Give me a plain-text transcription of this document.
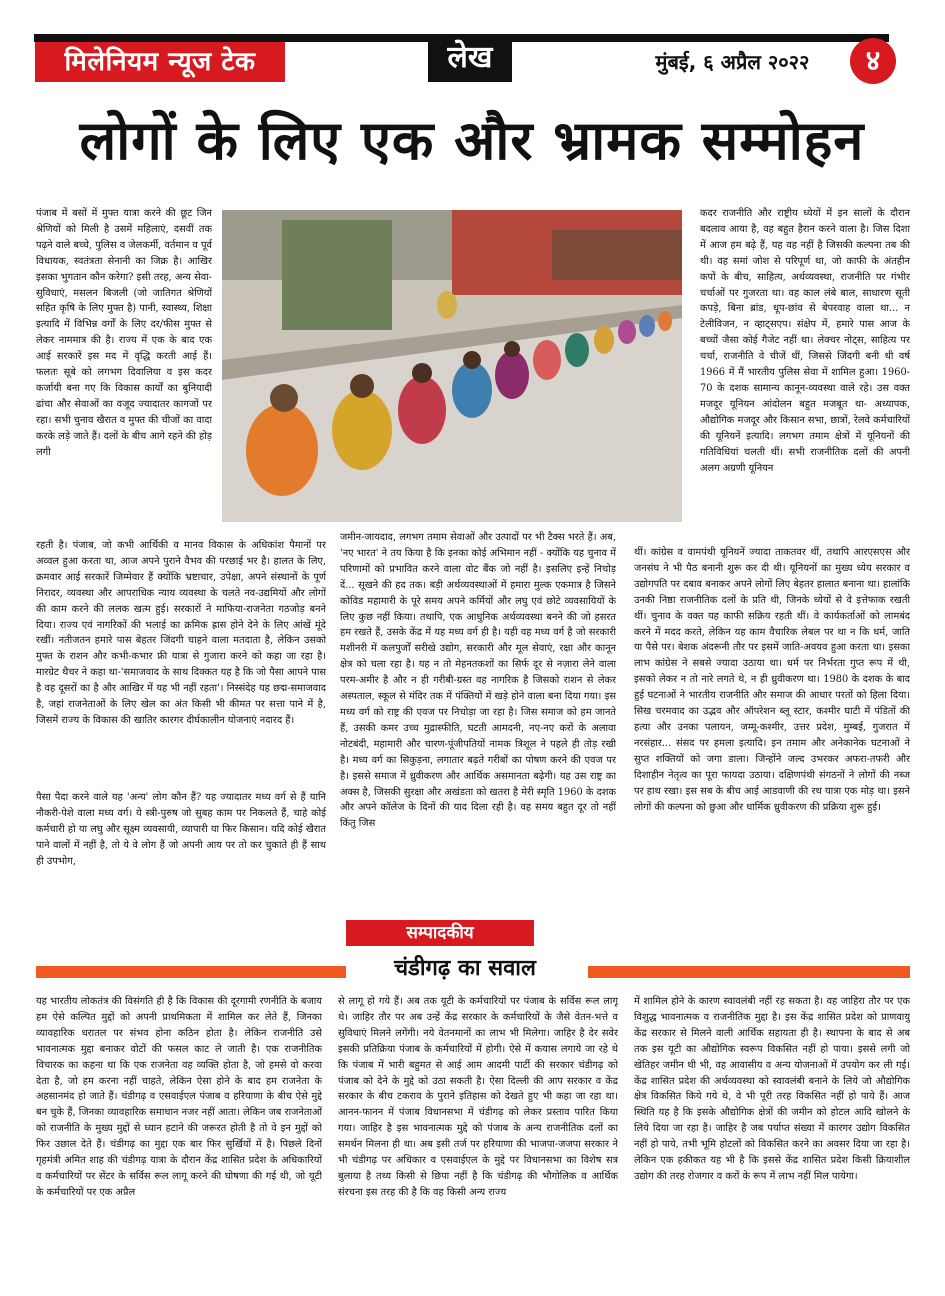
मिलेनियम न्यूज टेक	लेख	मुंबई, ६ अप्रैल २०२२	४
लोगों के लिए एक और भ्रामक सम्मोहन

पंजाब में बसों में मुफ्त यात्रा करने की छूट जिन श्रेणियों को मिली है उसमें महिलाएं, दसवीं तक पढ़ने वाले बच्चे, पुलिस व जेलकर्मी, वर्तमान व पूर्व विधायक, स्वतंत्रता सेनानी का जिक्र है। आखिर इसका भुगतान कौन करेगा? इसी तरह, अन्य सेवा-सुविधाएं, मसलन बिजली (जो जातिगत श्रेणियों सहित कृषि के लिए मुफ्त है) पानी, स्वास्थ्य, शिक्षा इत्यादि में विभिन्न वर्गों के लिए दर/फीस मुफ्त से लेकर नाममात्र की है। राज्य में एक के बाद एक आई सरकारें इस मद में वृद्धि करती आई हैं। फलतः सूबे को लगभग दिवालिया व इस कदर कर्जायी बना गए कि विकास कार्यों का बुनियादी ढांचा और सेवाओं का वजूद ज्यादातर कागजों पर रहा। सभी चुनाव खैरात व मुफ्त की चीजों का वादा करके लड़े जाते हैं। दलों के बीच आगे रहने की होड़ लगी

रहती है। पंजाब, जो कभी आर्थिकी व मानव विकास के अधिकांश पैमानों पर अव्वल हुआ करता था, आज अपने पुराने वैभव की परछाई भर है। हालत के लिए, क्रमवार आई सरकारें जिम्मेवार हैं क्योंकि भ्रष्टाचार, उपेक्षा, अपने संस्थानों के पूर्ण निरादर, व्यवस्था और आपराधिक न्याय व्यवस्था के चलते नव-उद्यमियों और लोगों की काम करने की ललक खत्म हुई। सरकारों ने माफिया-राजनेता गठजोड़ बनने दिया। राज्य एवं नागरिकों की भलाई का क्रमिक ह्रास होने देने के लिए आंखें मूंदे रखीं। नतीजतन हमारे पास बेहतर जिंदगी चाहने वाला मतदाता है, लेकिन उसको मुफ्त के राशन और कभी-कभार फ्री यात्रा से गुजारा करने को कहा जा रहा है। मारग्रेट थैचर ने कहा था-'समाजवाद के साथ दिक्कत यह है कि जो पैसा आपने पास है वह दूसरों का है और आखिर में यह भी नहीं रहता'। निस्संदेह यह छद्म-समाजवाद है, जहां राजनेताओं के लिए खेल का अंत किसी भी कीमत पर सत्ता पाने में है, जिसमें राज्य के विकास की खातिर कारगर दीर्घकालीन योजनाएं नदारद हैं।

पैसा पैदा करने वाले यह 'अन्य' लोग कौन हैं? यह ज्यादातर मध्य वर्ग से हैं यानि नौकरी-पेशे वाला मध्य वर्ग। ये स्त्री-पुरुष जो सुबह काम पर निकलते हैं, चाहे कोई कर्मचारी हो या लघु और सूक्ष्म व्यवसायी, व्यापारी या फिर किसान। यदि कोई खैरात पाने वालों में नहीं है, तो ये वे लोग हैं जो अपनी आय पर तो कर चुकाते ही हैं साथ ही उपभोग,

जमीन-जायदाद, लगभग तमाम सेवाओं और उत्पादों पर भी टैक्स भरते हैं। अब, 'नए भारत' ने तय किया है कि इनका कोई अभिमान नहीं - क्योंकि यह चुनाव में परिणामों को प्रभावित करने वाला वोट बैंक जो नहीं है। इसलिए इन्हें निचोड़ दें... सूखने की हद तक। बड़ी अर्थव्यवस्थाओं में हमारा मुल्क एकमात्र है जिसने कोविड महामारी के पूरे समय अपने कर्मियों और लघु एवं छोटे व्यवसायियों के लिए कुछ नहीं किया। तथापि, एक आधुनिक अर्थव्यवस्था बनने की जो हसरत हम रखते हैं, उसके केंद्र में यह मध्य वर्ग ही है। यही वह मध्य वर्ग है जो सरकारी मशीनरी में कलपुर्जों सरीखे उद्योग, सरकारी और मूल सेवाएं, रक्षा और कानून क्षेत्र को चला रहा है। यह न तो मेहनतकशों का सिर्फ दूर से नज़ारा लेने वाला परम-अमीर है और न ही गरीबी-ग्रस्त वह नागरिक है जिसको राशन से लेकर अस्पताल, स्कूल से मंदिर तक में पंक्तियों में खड़े होने वाला बना दिया गया। इस मध्य वर्ग को राष्ट्र की एवज पर निचोड़ा जा रहा है। जिस समाज को हम जानते हैं, उसकी कमर उच्च मुद्रास्फीति, घटती आमदनी, नए-नए करों के अलावा नोटबंदी, महामारी और चारण-पूंजीपतियों नामक त्रिशूल ने पहले ही तोड़ रखी है। मध्य वर्ग का सिकुड़ना, लगातार बढ़ते गरीबों का पोषण करने की एवज पर है। इससे समाज में ध्रुवीकरण और आर्थिक असमानता बढ़ेगी। यह उस राष्ट्र का अक्स है, जिसकी सुरक्षा और अखंडता को खतरा है मेरी स्मृति 1960 के दशक और अपने कॉलेज के दिनों की याद दिला रही है। वह समय बहुत दूर तो नहीं किंतु जिस

कदर राजनीति और राष्ट्रीय ध्येयों में इन सालों के दौरान बदलाव आया है, वह बहुत हैरान करने वाला है। जिस दिशा में आज हम बढ़े हैं, यह वह नहीं है जिसकी कल्पना तब की थी। वह समां जोश से परिपूर्ण था, जो काफी के अंतहीन कपों के बीच, साहित्य, अर्थव्यवस्था, राजनीति पर गंभीर चर्चाओं पर गुजरता था। वह काल लंबे बाल, साधारण सूती कपड़े, बिना ब्रांड, धूप-छांव से बेपरवाह वाला था... न टेलीविजन, न व्हाट्सएप। संक्षेप में, हमारे पास आज के बच्चों जैसा कोई गैजेट नहीं था। लेक्चर नोट्स, साहित्य पर चर्चा, राजनीति वे चीजें थीं, जिससे जिंदगी बनी थी वर्ष 1966 में मैं भारतीय पुलिस सेवा में शामिल हुआ। 1960-70 के दशक सामान्य कानून-व्यवस्था वाले रहे। उस वक्त मजदूर यूनियन आंदोलन बहुत मजबूत था- अध्यापक, औद्योगिक मजदूर और किसान सभा, छात्रों, रेलवे कर्मचारियों की यूनियनें इत्यादि। लगभग तमाम क्षेत्रों में यूनियनों की गतिविधियां चलती थीं। सभी राजनीतिक दलों की अपनी अलग अग्रणी यूनियन

थीं। कांग्रेस व वामपंथी यूनियनें ज्यादा ताकतवर थीं, तथापि आरएसएस और जनसंघ ने भी पैठ बनानी शुरू कर दी थी। यूनियनों का मुख्य ध्येय सरकार व उद्योगपति पर दबाव बनाकर अपने लोगों लिए बेहतर हालात बनाना था। हालांकि उनकी निष्ठा राजनीतिक दलों के प्रति थी, जिनके ध्येयों से वे इत्तेफाक रखती थीं। चुनाव के वक्त यह काफी सक्रिय रहती थीं। वे कार्यकर्ताओं को लामबंद करने में मदद करते, लेकिन यह काम वैचारिक लेबल पर था न कि धर्म, जाति या पैसे पर। बेशक अंदरूनी तौर पर इसमें जाति-अवयव हुआ करता था। इसका लाभ कांग्रेस ने सबसे ज्यादा उठाया था। धर्म पर निर्भरता गुप्त रूप में थी, इसको लेकर न तो नारे लगते थे, न ही ध्रुवीकरण था। 1980 के दशक के बाद हुई घटनाओं ने भारतीय राजनीति और समाज की आधार परतों को हिला दिया। सिख चरमवाद का उद्भव और ऑपरेशन ब्लू स्टार, कश्मीर घाटी में पंडितों की हत्या और उनका पलायन, जम्मू-कश्मीर, उत्तर प्रदेश, मुम्बई, गुजरात में नरसंहार... संसद पर हमला इत्यादि। इन तमाम और अनेकानेक घटनाओं ने सुप्त शक्तियों को जगा डाला। जिन्होंने जल्द उभरकर अफरा-तफरी और दिशाहीन नेतृत्व का पूरा फायदा उठाया। दक्षिणपंथी संगठनों ने लोगों की नब्ज पर हाथ रखा। इस सब के बीच आई आडवाणी की रथ यात्रा एक मोड़ था। इसने लोगों की कल्पना को छुआ और धार्मिक ध्रुवीकरण की प्रक्रिया शुरू हुई।

सम्पादकीय
चंडीगढ़ का सवाल

यह भारतीय लोकतंत्र की विसंगति ही है कि विकास की दूरगामी रणनीति के बजाय हम ऐसे कल्पित मुद्दों को अपनी प्राथमिकता में शामिल कर लेते हैं, जिनका व्यावहारिक धरातल पर संभव होना कठिन होता है। लेकिन राजनीति उसे भावनात्मक मुद्दा बनाकर वोटों की फसल काट ले जाती है। एक राजनीतिक विचारक का कहना था कि एक राजनेता वह व्यक्ति होता है, जो हमसे वो करवा देता है, जो हम करना नहीं चाहते, लेकिन ऐसा होने के बाद हम राजनेता के अहसानमंद हो जाते हैं। चंडीगढ़ व एसवाईएल पंजाब व हरियाणा के बीच ऐसे मुद्दे बन चुके हैं, जिनका व्यावहारिक समाधान नजर नहीं आता। लेकिन जब राजनेताओं को राजनीति के मुख्य मुद्दों से ध्यान हटाने की जरूरत होती है तो वे इन मुद्दों को फिर उछाल देते हैं। चंडीगढ़ का मुद्दा एक बार फिर सुर्खियों में है। पिछले दिनों गृहमंत्री अमित शाह की चंडीगढ़ यात्रा के दौरान केंद्र शासित प्रदेश के अधिकारियों व कर्मचारियों पर सेंटर के सर्विस रूल लागू करने की घोषणा की गई थी, जो यूटी के कर्मचारियों पर एक अप्रैल

से लागू हो गये हैं। अब तक यूटी के कर्मचारियों पर पंजाब के सर्विस रूल लागू थे। जाहिर तौर पर अब उन्हें केंद्र सरकार के कर्मचारियों के जैसे वेतन-भत्ते व सुविधाएं मिलने लगेंगी। नये वेतनमानों का लाभ भी मिलेगा। जाहिर है देर सवेर इसकी प्रतिक्रिया पंजाब के कर्मचारियों में होगी। ऐसे में कयास लगाये जा रहे थे कि पंजाब में भारी बहुमत से आई आम आदमी पार्टी की सरकार चंडीगढ़ को पंजाब को देने के मुद्दे को उठा सकती है। ऐसा दिल्ली की आप सरकार व केंद्र सरकार के बीच टकराव के पुराने इतिहास को देखते हुए भी कहा जा रहा था। आनन-फानन में पंजाब विधानसभा में चंडीगढ़ को लेकर प्रस्ताव पारित किया गया। जाहिर है इस भावनात्मक मुद्दे को पंजाब के अन्य राजनीतिक दलों का समर्थन मिलना ही था। अब इसी तर्ज पर हरियाणा की भाजपा-जजपा सरकार ने भी चंडीगढ़ पर अधिकार व एसवाईएल के मुद्दे पर विधानसभा का विशेष सत्र बुलाया है तथ्य किसी से छिपा नहीं है कि चंडीगढ़ की भौगोलिक व आर्थिक संरचना इस तरह की है कि वह किसी अन्य राज्य

में शामिल होने के कारण स्वावलंबी नहीं रह सकता है। वह जाहिरा तौर पर एक विशुद्ध भावनात्मक व राजनीतिक मुद्दा है। इस केंद्र शासित प्रदेश को प्राणवायु केंद्र सरकार से मिलने वाली आर्थिक सहायता ही है। स्थापना के बाद से अब तक इस यूटी का औद्योगिक स्वरूप विकसित नहीं हो पाया। इससे लगी जो खेतिहर जमीन थी भी, वह आवासीय व अन्य योजनाओं में उपयोग कर ली गई। केंद्र शासित प्रदेश की अर्थव्यवस्था को स्वावलंबी बनाने के लिये जो औद्योगिक क्षेत्र विकसित किये गये थे, वे भी पूरी तरह विकसित नहीं हो पाये हैं। आज स्थिति यह है कि इसके औद्योगिक क्षेत्रों की जमीन को होटल आदि खोलने के लिये दिया जा रहा है। जाहिर है जब पर्याप्त संख्या में कारगर उद्योग विकसित नहीं हो पाये, तभी भूमि होटलों को विकसित करने का अवसर दिया जा रहा है। लेकिन एक हकीकत यह भी है कि इससे केंद्र शासित प्रदेश किसी क्रियाशील उद्योग की तरह रोजगार व करों के रूप में लाभ नहीं मिल पायेगा।
